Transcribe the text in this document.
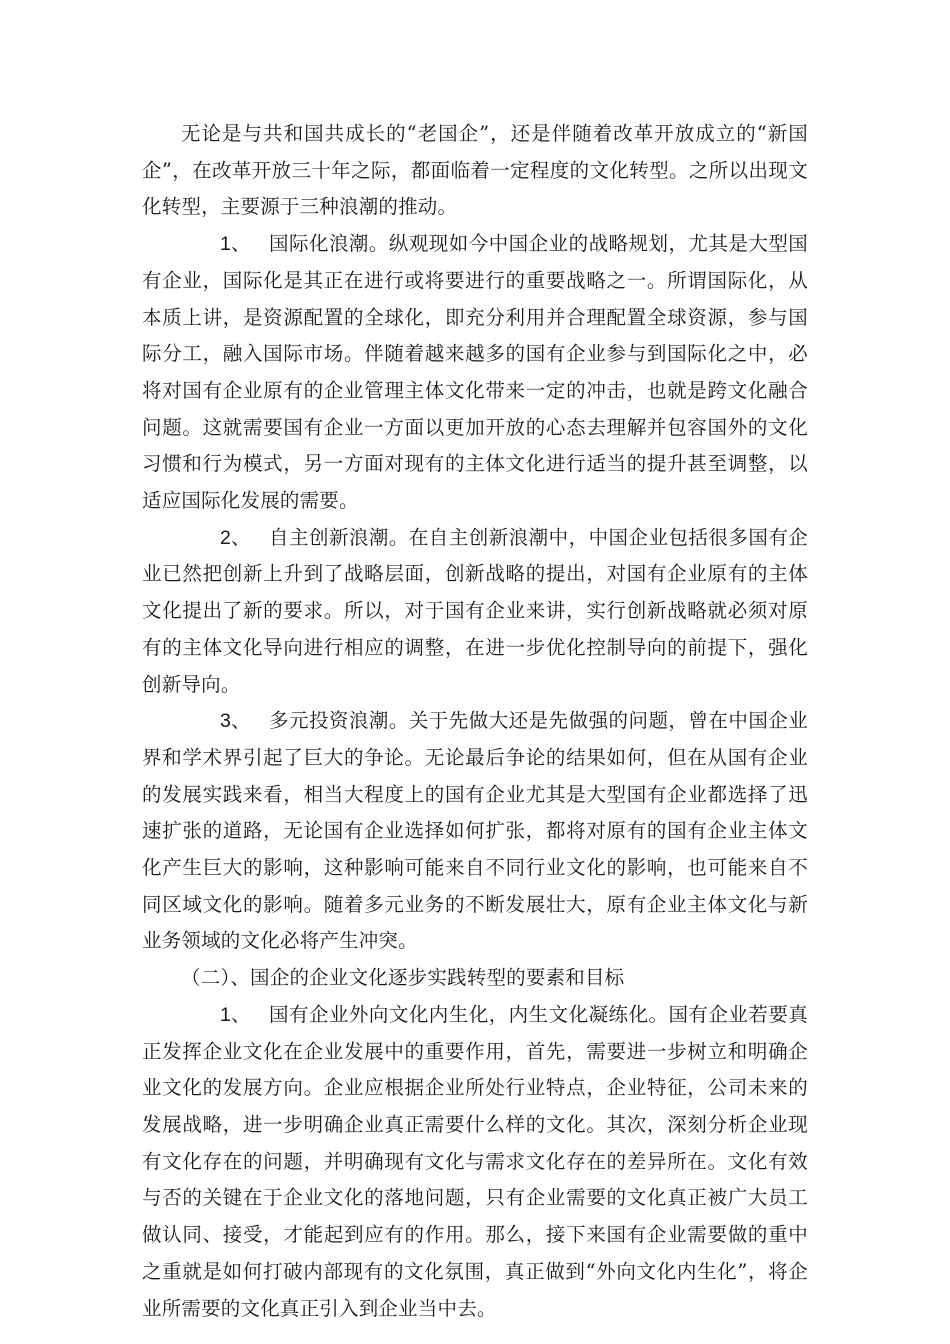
无论是与共和国共成长的“老国企”，还是伴随着改革开放成立的“新国企”，在改革开放三十年之际，都面临着一定程度的文化转型。之所以出现文化转型，主要源于三种浪潮的推动。

1、 国际化浪潮。纵观现如今中国企业的战略规划，尤其是大型国有企业，国际化是其正在进行或将要进行的重要战略之一。所谓国际化，从本质上讲，是资源配置的全球化，即充分利用并合理配置全球资源，参与国际分工，融入国际市场。伴随着越来越多的国有企业参与到国际化之中，必将对国有企业原有的企业管理主体文化带来一定的冲击，也就是跨文化融合问题。这就需要国有企业一方面以更加开放的心态去理解并包容国外的文化习惯和行为模式，另一方面对现有的主体文化进行适当的提升甚至调整，以适应国际化发展的需要。

2、 自主创新浪潮。在自主创新浪潮中，中国企业包括很多国有企业已然把创新上升到了战略层面，创新战略的提出，对国有企业原有的主体文化提出了新的要求。所以，对于国有企业来讲，实行创新战略就必须对原有的主体文化导向进行相应的调整，在进一步优化控制导向的前提下，强化创新导向。

3、 多元投资浪潮。关于先做大还是先做强的问题，曾在中国企业界和学术界引起了巨大的争论。无论最后争论的结果如何，但在从国有企业的发展实践来看，相当大程度上的国有企业尤其是大型国有企业都选择了迅速扩张的道路，无论国有企业选择如何扩张，都将对原有的国有企业主体文化产生巨大的影响，这种影响可能来自不同行业文化的影响，也可能来自不同区域文化的影响。随着多元业务的不断发展壮大，原有企业主体文化与新业务领域的文化必将产生冲突。

（二）、国企的企业文化逐步实践转型的要素和目标

1、 国有企业外向文化内生化，内生文化凝练化。国有企业若要真正发挥企业文化在企业发展中的重要作用，首先，需要进一步树立和明确企业文化的发展方向。企业应根据企业所处行业特点，企业特征，公司未来的发展战略，进一步明确企业真正需要什么样的文化。其次，深刻分析企业现有文化存在的问题，并明确现有文化与需求文化存在的差异所在。文化有效与否的关键在于企业文化的落地问题，只有企业需要的文化真正被广大员工做认同、接受，才能起到应有的作用。那么，接下来国有企业需要做的重中之重就是如何打破内部现有的文化氛围，真正做到“外向文化内生化”，将企业所需要的文化真正引入到企业当中去。
